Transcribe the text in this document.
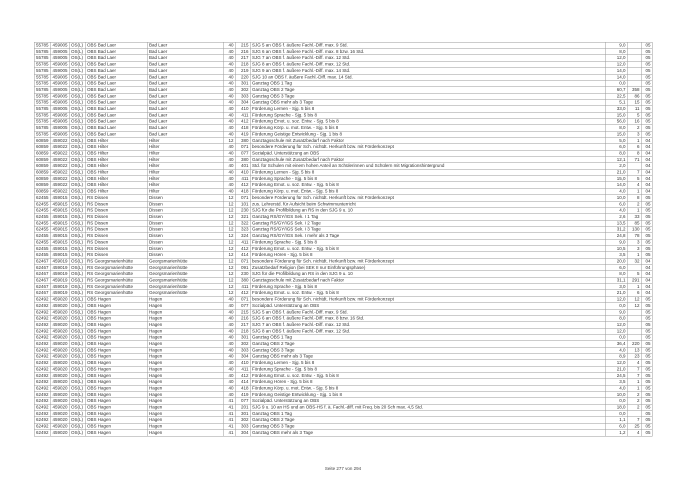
55785	459005	OS(L)	OBS Bad Laer	Bad Laer	40	215	SJG 5 an OBS f. äußere Fachl.-Diff. max. 9 Std.	9,0		05
55785	459005	OS(L)	OBS Bad Laer	Bad Laer	40	216	SJG 6 an OBS f. äußere Fachl.-Diff. max. 8 bzw. 16 Std.	8,0		05
55785	459005	OS(L)	OBS Bad Laer	Bad Laer	40	217	SJG 7 an OBS f. äußere Fachl.-Diff. max. 12 Std.	12,0		05
55785	459005	OS(L)	OBS Bad Laer	Bad Laer	40	218	SJG 8 an OBS f. äußere Fachl.-Diff. max. 12 Std.	12,0		05
55785	459005	OS(L)	OBS Bad Laer	Bad Laer	40	219	SJG 9 an OBS f. äußere Fachl.-Diff. max. 14 Std.	14,0		05
55785	459005	OS(L)	OBS Bad Laer	Bad Laer	40	220	SJG 10 an OBS f. äußere Fachl.-Diff. max. 14 Std.	14,0		05
55785	459005	OS(L)	OBS Bad Laer	Bad Laer	40	301	Ganztag OBS 1 Tag	0,0		05
55785	459005	OS(L)	OBS Bad Laer	Bad Laer	40	302	Ganztag OBS 2 Tage	60,7	358	05
55785	459005	OS(L)	OBS Bad Laer	Bad Laer	40	303	Ganztag OBS 3 Tage	22,5	86	05
55785	459005	OS(L)	OBS Bad Laer	Bad Laer	40	304	Ganztag OBS mehr als 3 Tage	5,1	15	05
55785	459005	OS(L)	OBS Bad Laer	Bad Laer	40	410	Förderung Lernen - Sjg. 5 bis 8	33,0	11	05
55785	459005	OS(L)	OBS Bad Laer	Bad Laer	40	411	Förderung Sprache - Sjg. 5 bis 8	15,0	5	05
55785	459005	OS(L)	OBS Bad Laer	Bad Laer	40	412	Förderung Emot. u. soz. Entw. - Sjg. 5 bis 8	56,0	16	05
55785	459005	OS(L)	OBS Bad Laer	Bad Laer	40	418	Förderung Körp. u. mot. Entw. - Sjg. 5 bis 8	8,0	2	05
55785	459005	OS(L)	OBS Bad Laer	Bad Laer	40	419	Förderung Geistige Entwicklung - Sjg. 1 bis 8	15,0	3	05
60859	459022	OS(L)	OBS Hilter	Hilter	12	380	Ganztagsschule mit Zusatzbedarf nach Faktor	5,0	1	04
60859	459022	OS(L)	OBS Hilter	Hilter	40	071	besondere Förderung für Sch. nichtdt. Herkunft bzw. mit Förderkonzept	6,0	6	04
60859	459022	OS(L)	OBS Hilter	Hilter	40	077	Sozialpäd. Unterstützung an OBS	8,0	8	04
60859	459022	OS(L)	OBS Hilter	Hilter	40	380	Ganztagsschule mit Zusatzbedarf nach Faktor	12,1	71	04
60859	459022	OS(L)	OBS Hilter	Hilter	40	401	Std. für Schulen mit einem hohen Anteil an Schülerinnen und Schülern mit Migrationshintergrund	2,0		04
60859	459022	OS(L)	OBS Hilter	Hilter	40	410	Förderung Lernen - Sjg. 5 bis 8	21,0	7	04
60859	459022	OS(L)	OBS Hilter	Hilter	40	411	Förderung Sprache - Sjg. 5 bis 8	15,0	5	04
60859	459022	OS(L)	OBS Hilter	Hilter	40	412	Förderung Emot. u. soz. Entw. - Sjg. 5 bis 8	14,0	4	04
60859	459022	OS(L)	OBS Hilter	Hilter	40	418	Förderung Körp. u. mot. Entw. - Sjg. 5 bis 8	4,0	1	04
62455	459015	OS(L)	RS Dissen	Dissen	12	071	besondere Förderung für Sch. nichtdt. Herkunft bzw. mit Förderkonzept	10,0	8	05
62455	459015	OS(L)	RS Dissen	Dissen	12	101	zus. Lehrerstd. für Aufsicht beim Schwimmunterricht	6,0	2	05
62455	459015	OS(L)	RS Dissen	Dissen	12	230	SJG für die Profilbildung an RS in den SJG 9 u. 10	4,0	1	05
62455	459015	OS(L)	RS Dissen	Dissen	12	321	Ganztag RS/GY/IGS Sek. I 1 Tag	2,6	33	05
62455	459015	OS(L)	RS Dissen	Dissen	12	322	Ganztag RS/GY/IGS Sek. I 2 Tage	13,5	85	05
62455	459015	OS(L)	RS Dissen	Dissen	12	323	Ganztag RS/GY/IGS Sek. I 3 Tage	31,2	130	05
62455	459015	OS(L)	RS Dissen	Dissen	12	324	Ganztag RS/GY/IGS Sek. I mehr als 3 Tage	24,8	78	05
62455	459015	OS(L)	RS Dissen	Dissen	12	411	Förderung Sprache - Sjg. 5 bis 8	9,0	3	05
62455	459015	OS(L)	RS Dissen	Dissen	12	412	Förderung Emot. u. soz. Entw. - Sjg. 5 bis 8	10,5	3	05
62455	459015	OS(L)	RS Dissen	Dissen	12	414	Förderung Hören - Sjg. 5 bis 8	3,5	1	05
62467	459019	OS(L)	RS Georgsmarienhütte	Georgsmarienhütte	12	071	besondere Förderung für Sch. nichtdt. Herkunft bzw. mit Förderkonzept	20,0	32	04
62467	459019	OS(L)	RS Georgsmarienhütte	Georgsmarienhütte	12	091	Zusatzbedarf Religion (bei SEK II nur Einführungsphase)	6,0		04
62467	459019	OS(L)	RS Georgsmarienhütte	Georgsmarienhütte	12	230	SJG für die Profilbildung an RS in den SJG 9 u. 10	8,0	5	04
62467	459019	OS(L)	RS Georgsmarienhütte	Georgsmarienhütte	12	380	Ganztagsschule mit Zusatzbedarf nach Faktor	31,1	291	04
62467	459019	OS(L)	RS Georgsmarienhütte	Georgsmarienhütte	12	411	Förderung Sprache - Sjg. 5 bis 8	3,0	1	04
62467	459019	OS(L)	RS Georgsmarienhütte	Georgsmarienhütte	12	412	Förderung Emot. u. soz. Entw. - Sjg. 5 bis 8	21,0	6	04
62492	459020	OS(L)	OBS Hagen	Hagen	40	071	besondere Förderung für Sch. nichtdt. Herkunft bzw. mit Förderkonzept	12,0	12	05
62492	459020	OS(L)	OBS Hagen	Hagen	40	077	Sozialpäd. Unterstützung an OBS	0,0	12	05
62492	459020	OS(L)	OBS Hagen	Hagen	40	215	SJG 5 an OBS f. äußere Fachl.-Diff. max. 9 Std.	9,0		05
62492	459020	OS(L)	OBS Hagen	Hagen	40	216	SJG 6 an OBS f. äußere Fachl.-Diff. max. 8 bzw. 16 Std.	8,0		05
62492	459020	OS(L)	OBS Hagen	Hagen	40	217	SJG 7 an OBS f. äußere Fachl.-Diff. max. 12 Std.	12,0		05
62492	459020	OS(L)	OBS Hagen	Hagen	40	218	SJG 8 an OBS f. äußere Fachl.-Diff. max. 12 Std.	12,0		05
62492	459020	OS(L)	OBS Hagen	Hagen	40	301	Ganztag OBS 1 Tag	0,0		05
62492	459020	OS(L)	OBS Hagen	Hagen	40	302	Ganztag OBS 2 Tage	36,4	220	05
62492	459020	OS(L)	OBS Hagen	Hagen	40	303	Ganztag OBS 3 Tage	4,0	13	05
62492	459020	OS(L)	OBS Hagen	Hagen	40	304	Ganztag OBS mehr als 3 Tage	8,9	23	05
62492	459020	OS(L)	OBS Hagen	Hagen	40	410	Förderung Lernen - Sjg. 5 bis 8	12,0	4	05
62492	459020	OS(L)	OBS Hagen	Hagen	40	411	Förderung Sprache - Sjg. 5 bis 8	21,0	7	05
62492	459020	OS(L)	OBS Hagen	Hagen	40	412	Förderung Emot. u. soz. Entw. - Sjg. 5 bis 8	24,5	7	05
62492	459020	OS(L)	OBS Hagen	Hagen	40	414	Förderung Hören - Sjg. 5 bis 8	3,5	1	05
62492	459020	OS(L)	OBS Hagen	Hagen	40	418	Förderung Körp. u. mot. Entw. - Sjg. 5 bis 8	4,0	1	05
62492	459020	OS(L)	OBS Hagen	Hagen	40	419	Förderung Geistige Entwicklung - Sjg. 1 bis 8	10,0	2	05
62492	459020	OS(L)	OBS Hagen	Hagen	41	077	Sozialpäd. Unterstützung an OBS	0,0	2	05
62492	459020	OS(L)	OBS Hagen	Hagen	41	201	SJG 9 u. 10 an HS und an OBS-HS f. ä. Fachl.-diff. mit Freq. bis 20 Sch max. 4,5 Std.	18,0	2	05
62492	459020	OS(L)	OBS Hagen	Hagen	41	301	Ganztag OBS 1 Tag	0,0		05
62492	459020	OS(L)	OBS Hagen	Hagen	41	302	Ganztag OBS 2 Tage	1,1	7	05
62492	459020	OS(L)	OBS Hagen	Hagen	41	303	Ganztag OBS 3 Tage	6,0	25	05
62492	459020	OS(L)	OBS Hagen	Hagen	41	304	Ganztag OBS mehr als 3 Tage	1,2	4	05
Seite 277 von 294
